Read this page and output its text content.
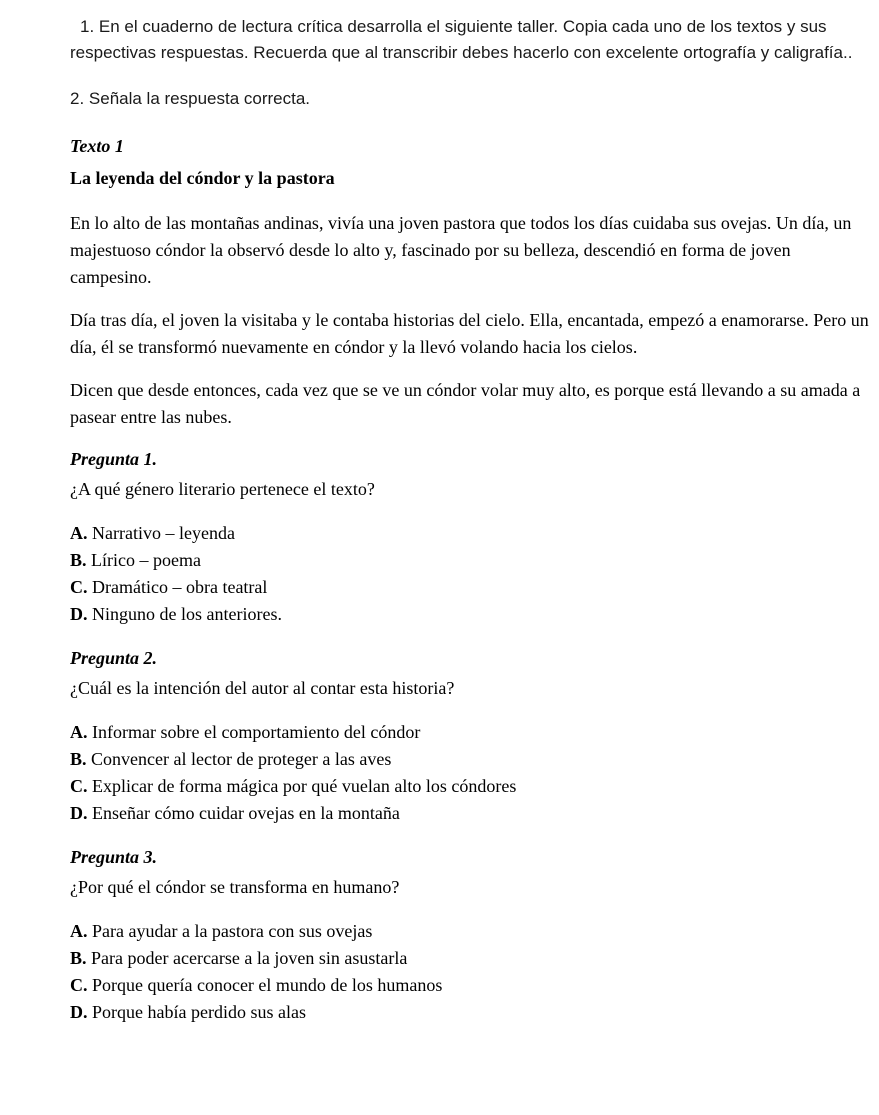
1. En el cuaderno de lectura crítica desarrolla el siguiente taller. Copia cada uno de los textos y sus respectivas respuestas. Recuerda que al transcribir debes hacerlo con excelente ortografía y caligrafía..

2. Señala la respuesta correcta.

Texto 1

La leyenda del cóndor y la pastora

En lo alto de las montañas andinas, vivía una joven pastora que todos los días cuidaba sus ovejas. Un día, un majestuoso cóndor la observó desde lo alto y, fascinado por su belleza, descendió en forma de joven campesino.

Día tras día, el joven la visitaba y le contaba historias del cielo. Ella, encantada, empezó a enamorarse. Pero un día, él se transformó nuevamente en cóndor y la llevó volando hacia los cielos.

Dicen que desde entonces, cada vez que se ve un cóndor volar muy alto, es porque está llevando a su amada a pasear entre las nubes.

Pregunta 1.

¿A qué género literario pertenece el texto?

A. Narrativo – leyenda
B. Lírico – poema
C. Dramático – obra teatral
D. Ninguno de los anteriores.

Pregunta 2.

¿Cuál es la intención del autor al contar esta historia?

A. Informar sobre el comportamiento del cóndor
B. Convencer al lector de proteger a las aves
C. Explicar de forma mágica por qué vuelan alto los cóndores
D. Enseñar cómo cuidar ovejas en la montaña

Pregunta 3.

¿Por qué el cóndor se transforma en humano?

A. Para ayudar a la pastora con sus ovejas
B. Para poder acercarse a la joven sin asustarla
C. Porque quería conocer el mundo de los humanos
D. Porque había perdido sus alas
